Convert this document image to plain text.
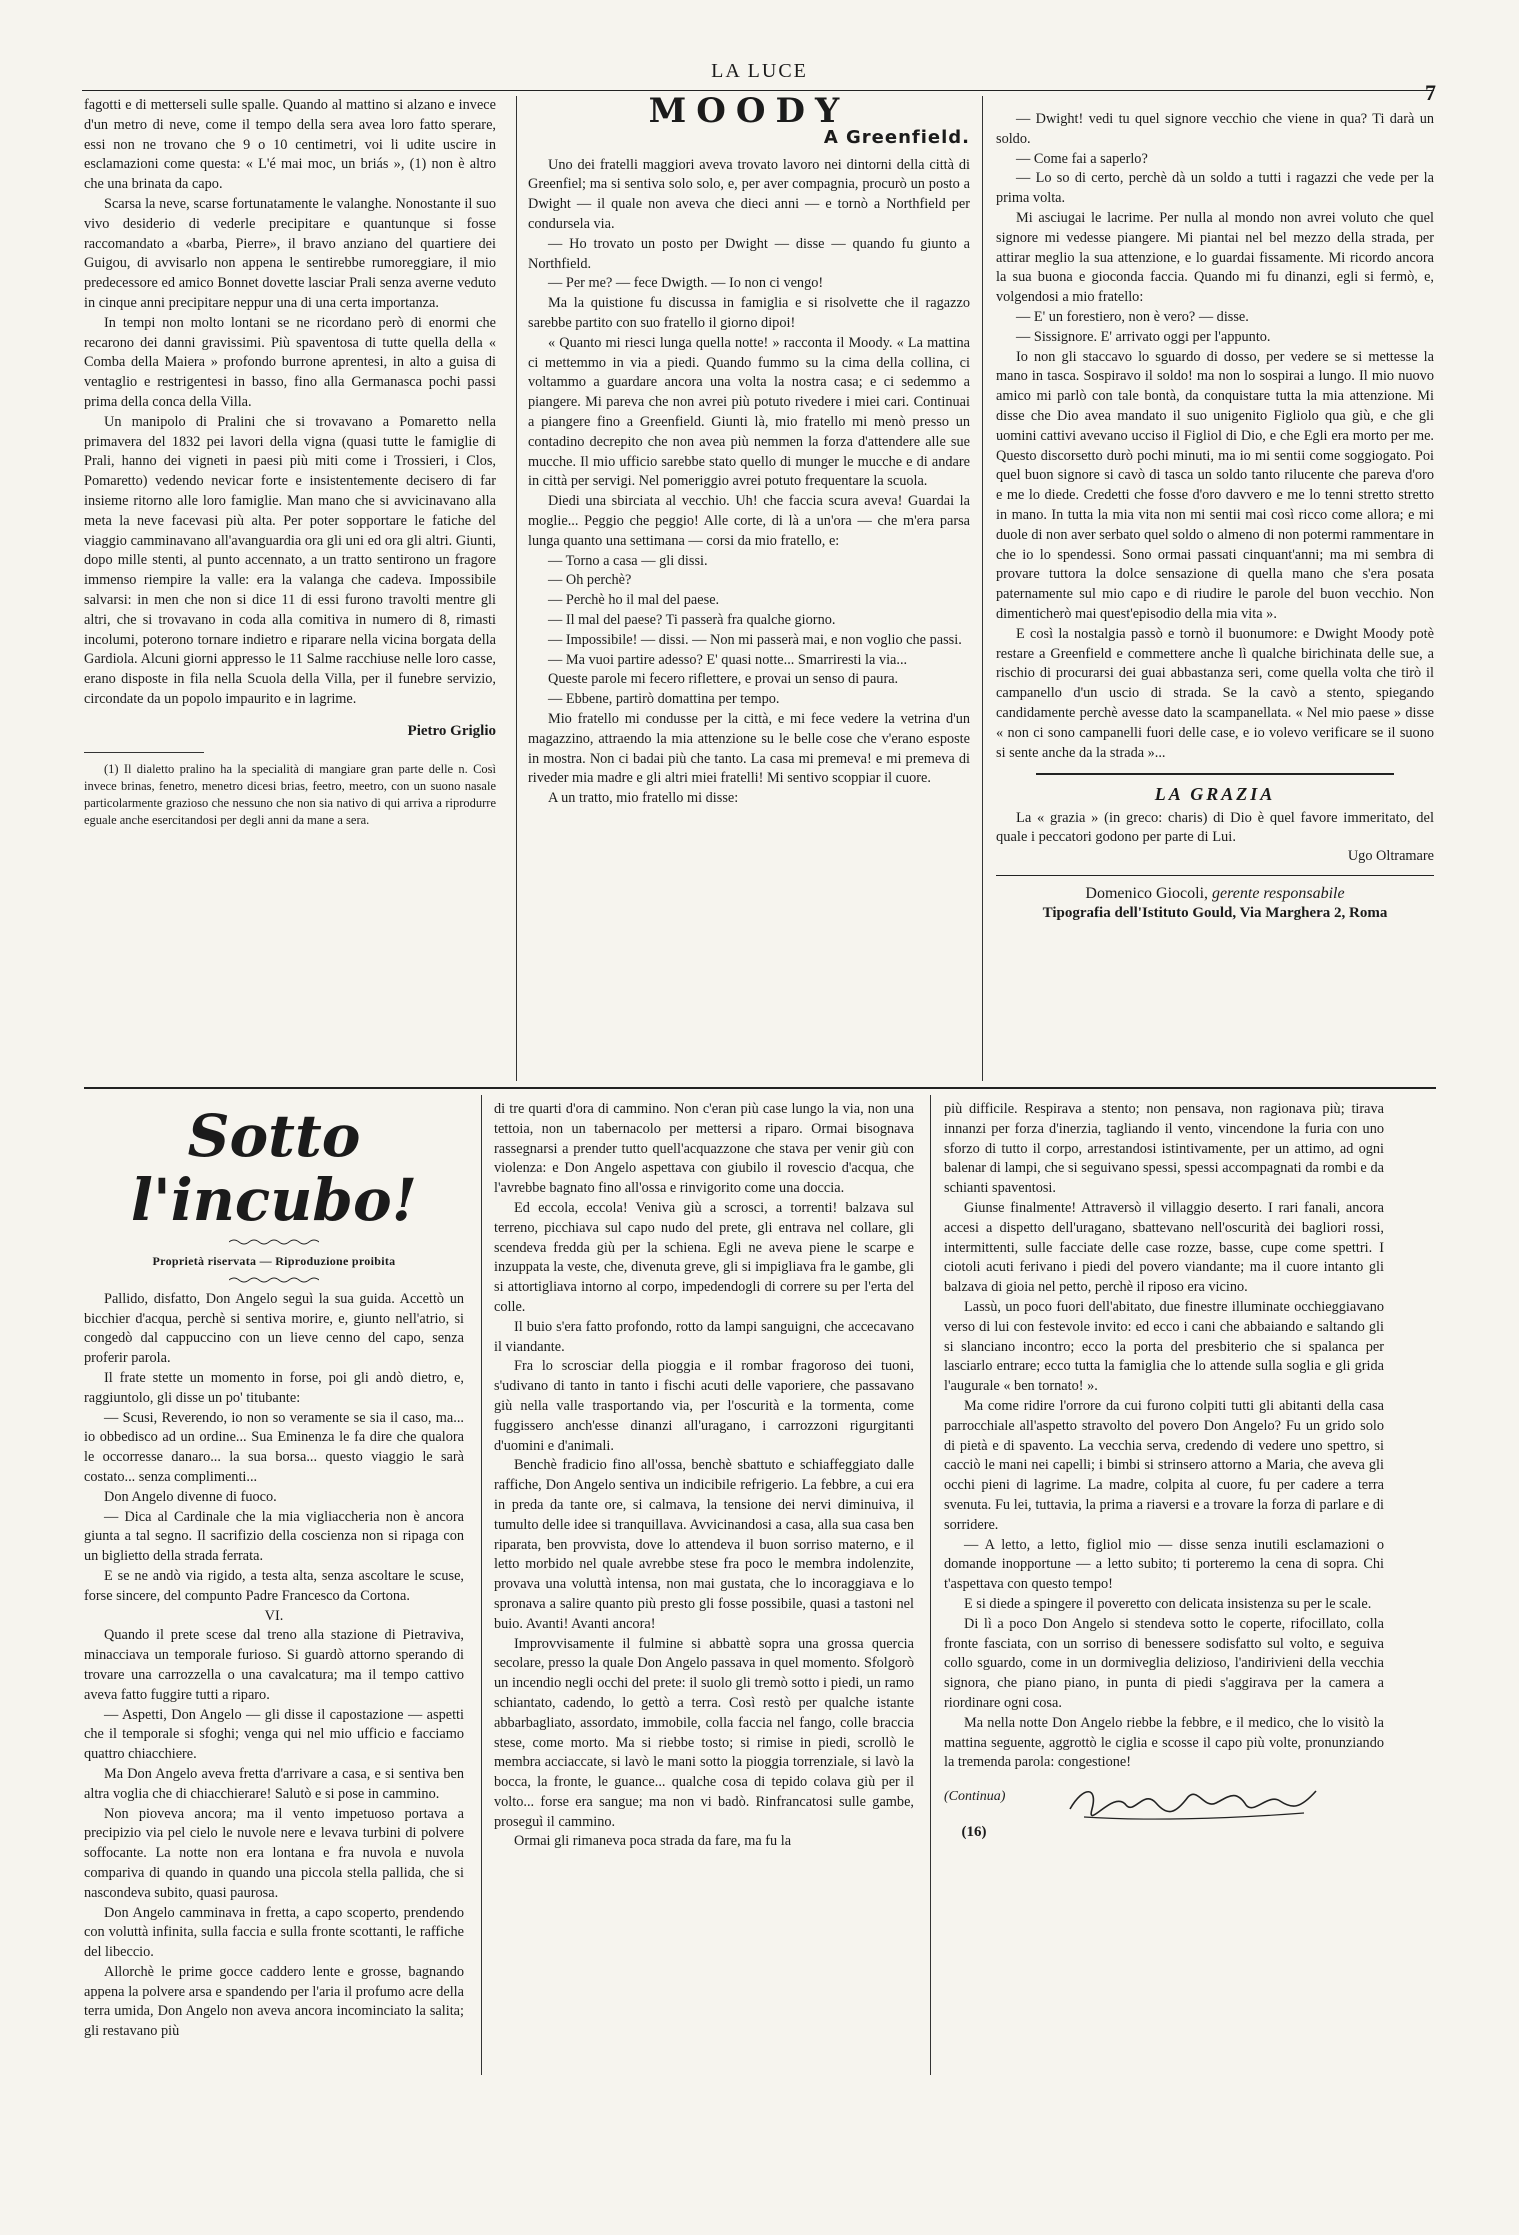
LA LUCE
7

fagotti e di metterseli sulle spalle. Quando al mattino si alzano e invece d'un metro di neve, come il tempo della sera avea loro fatto sperare, essi non ne trovano che 9 o 10 centimetri, voi li udite uscire in esclamazioni come questa: « L'é mai moc, un briás », (1) non è altro che una brinata da capo.

Scarsa la neve, scarse fortunatamente le valanghe. Nonostante il suo vivo desiderio di vederle precipitare e quantunque si fosse raccomandato a «barba, Pierre», il bravo anziano del quartiere dei Guigou, di avvisarlo non appena le sentirebbe rumoreggiare, il mio predecessore ed amico Bonnet dovette lasciar Prali senza averne veduto in cinque anni precipitare neppur una di una certa importanza.

In tempi non molto lontani se ne ricordano però di enormi che recarono dei danni gravissimi. Più spaventosa di tutte quella della « Comba della Maiera » profondo burrone aprentesi, in alto a guisa di ventaglio e restrigentesi in basso, fino alla Germanasca pochi passi prima della conca della Villa.

Un manipolo di Pralini che si trovavano a Pomaretto nella primavera del 1832 pei lavori della vigna (quasi tutte le famiglie di Prali, hanno dei vigneti in paesi più miti come i Trossieri, i Clos, Pomaretto) vedendo nevicar forte e insistentemente decisero di far insieme ritorno alle loro famiglie. Man mano che si avvicinavano alla meta la neve facevasi più alta. Per poter sopportare le fatiche del viaggio camminavano all'avanguardia ora gli uni ed ora gli altri. Giunti, dopo mille stenti, al punto accennato, a un tratto sentirono un fragore immenso riempire la valle: era la valanga che cadeva. Impossibile salvarsi: in men che non si dice 11 di essi furono travolti mentre gli altri, che si trovavano in coda alla comitiva in numero di 8, rimasti incolumi, poterono tornare indietro e riparare nella vicina borgata della Gardiola. Alcuni giorni appresso le 11 Salme racchiuse nelle loro casse, erano disposte in fila nella Scuola della Villa, per il funebre servizio, circondate da un popolo impaurito e in lagrime.

Pietro Griglio

(1) Il dialetto pralino ha la specialità di mangiare gran parte delle n. Così invece brinas, fenetro, menetro dicesi brias, feetro, meetro, con un suono nasale particolarmente grazioso che nessuno che non sia nativo di qui arriva a riprodurre eguale anche esercitandosi per degli anni da mane a sera.

MOODY
A Greenfield.

Uno dei fratelli maggiori aveva trovato lavoro nei dintorni della città di Greenfiel; ma si sentiva solo solo, e, per aver compagnia, procurò un posto a Dwight — il quale non aveva che dieci anni — e tornò a Northfield per condursela via.

— Ho trovato un posto per Dwight — disse — quando fu giunto a Northfield.

— Per me? — fece Dwigth. — Io non ci vengo!

Ma la quistione fu discussa in famiglia e si risolvette che il ragazzo sarebbe partito con suo fratello il giorno dipoi!

« Quanto mi riesci lunga quella notte! » racconta il Moody. « La mattina ci mettemmo in via a piedi. Quando fummo su la cima della collina, ci voltammo a guardare ancora una volta la nostra casa; e ci sedemmo a piangere. Mi pareva che non avrei più potuto rivedere i miei cari. Continuai a piangere fino a Greenfield. Giunti là, mio fratello mi menò presso un contadino decrepito che non avea più nemmen la forza d'attendere alle sue mucche. Il mio ufficio sarebbe stato quello di munger le mucche e di andare in città per servigi. Nel pomeriggio avrei potuto frequentare la scuola.

Diedi una sbirciata al vecchio. Uh! che faccia scura aveva! Guardai la moglie... Peggio che peggio! Alle corte, di là a un'ora — che m'era parsa lunga quanto una settimana — corsi da mio fratello, e:

— Torno a casa — gli dissi.

— Oh perchè?

— Perchè ho il mal del paese.

— Il mal del paese? Ti passerà fra qualche giorno.

— Impossibile! — dissi. — Non mi passerà mai, e non voglio che passi.

— Ma vuoi partire adesso? E' quasi notte... Smarriresti la via...

Queste parole mi fecero riflettere, e provai un senso di paura.

— Ebbene, partirò domattina per tempo.

Mio fratello mi condusse per la città, e mi fece vedere la vetrina d'un magazzino, attraendo la mia attenzione su le belle cose che v'erano esposte in mostra. Non ci badai più che tanto. La casa mi premeva! e mi premeva di riveder mia madre e gli altri miei fratelli! Mi sentivo scoppiar il cuore.

A un tratto, mio fratello mi disse:

— Dwight! vedi tu quel signore vecchio che viene in qua? Ti darà un soldo.

— Come fai a saperlo?

— Lo so di certo, perchè dà un soldo a tutti i ragazzi che vede per la prima volta.

Mi asciugai le lacrime. Per nulla al mondo non avrei voluto che quel signore mi vedesse piangere. Mi piantai nel bel mezzo della strada, per attirar meglio la sua attenzione, e lo guardai fissamente. Mi ricordo ancora la sua buona e gioconda faccia. Quando mi fu dinanzi, egli si fermò, e, volgendosi a mio fratello:

— E' un forestiero, non è vero? — disse.

— Sissignore. E' arrivato oggi per l'appunto.

Io non gli staccavo lo sguardo di dosso, per vedere se si mettesse la mano in tasca. Sospiravo il soldo! ma non lo sospirai a lungo. Il mio nuovo amico mi parlò con tale bontà, da conquistare tutta la mia attenzione. Mi disse che Dio avea mandato il suo unigenito Figliolo qua giù, e che gli uomini cattivi avevano ucciso il Figliol di Dio, e che Egli era morto per me. Questo discorsetto durò pochi minuti, ma io mi sentii come soggiogato. Poi quel buon signore si cavò di tasca un soldo tanto rilucente che pareva d'oro e me lo diede. Credetti che fosse d'oro davvero e me lo tenni stretto stretto in mano. In tutta la mia vita non mi sentii mai così ricco come allora; e mi duole di non aver serbato quel soldo o almeno di non potermi rammentare in che io lo spendessi. Sono ormai passati cinquant'anni; ma mi sembra di provare tuttora la dolce sensazione di quella mano che s'era posata paternamente sul mio capo e di riudire le parole del buon vecchio. Non dimenticherò mai quest'episodio della mia vita ».

E così la nostalgia passò e tornò il buonumore: e Dwight Moody potè restare a Greenfield e commettere anche lì qualche birichinata delle sue, a rischio di procurarsi dei guai abbastanza seri, come quella volta che tirò il campanello d'un uscio di strada. Se la cavò a stento, spiegando candidamente perchè avesse dato la scampanellata. « Nel mio paese » disse « non ci sono campanelli fuori delle case, e io volevo verificare se il suono si sente anche da la strada »...

LA GRAZIA

La « grazia » (in greco: charis) di Dio è quel favore immeritato, del quale i peccatori godono per parte di Lui.

Ugo Oltramare

Domenico Giocoli, gerente responsabile
Tipografia dell'Istituto Gould, Via Marghera 2, Roma
Sotto l'incubo!
Proprietà riservata — Riproduzione proibita

Pallido, disfatto, Don Angelo seguì la sua guida. Accettò un bicchier d'acqua, perchè si sentiva morire, e, giunto nell'atrio, si congedò dal cappuccino con un lieve cenno del capo, senza proferir parola.

Il frate stette un momento in forse, poi gli andò dietro, e, raggiuntolo, gli disse un po' titubante:

— Scusi, Reverendo, io non so veramente se sia il caso, ma... io obbedisco ad un ordine... Sua Eminenza le fa dire che qualora le occorresse danaro... la sua borsa... questo viaggio le sarà costato... senza complimenti...

Don Angelo divenne di fuoco.

— Dica al Cardinale che la mia vigliaccheria non è ancora giunta a tal segno. Il sacrifizio della coscienza non si ripaga con un biglietto della strada ferrata.

E se ne andò via rigido, a testa alta, senza ascoltare le scuse, forse sincere, del compunto Padre Francesco da Cortona.

VI.

Quando il prete scese dal treno alla stazione di Pietraviva, minacciava un temporale furioso. Si guardò attorno sperando di trovare una carrozzella o una cavalcatura; ma il tempo cattivo aveva fatto fuggire tutti a riparo.

— Aspetti, Don Angelo — gli disse il capostazione — aspetti che il temporale si sfoghi; venga qui nel mio ufficio e facciamo quattro chiacchiere.

Ma Don Angelo aveva fretta d'arrivare a casa, e si sentiva ben altra voglia che di chiacchierare! Salutò e si pose in cammino.

Non pioveva ancora; ma il vento impetuoso portava a precipizio via pel cielo le nuvole nere e levava turbini di polvere soffocante. La notte non era lontana e fra nuvola e nuvola compariva di quando in quando una piccola stella pallida, che si nascondeva subito, quasi paurosa.

Don Angelo camminava in fretta, a capo scoperto, prendendo con voluttà infinita, sulla faccia e sulla fronte scottanti, le raffiche del libeccio.

Allorchè le prime gocce caddero lente e grosse, bagnando appena la polvere arsa e spandendo per l'aria il profumo acre della terra umida, Don Angelo non aveva ancora incominciato la salita; gli restavano più

di tre quarti d'ora di cammino. Non c'eran più case lungo la via, non una tettoia, non un tabernacolo per mettersi a riparo. Ormai bisognava rassegnarsi a prender tutto quell'acquazzone che stava per venir giù con violenza: e Don Angelo aspettava con giubilo il rovescio d'acqua, che l'avrebbe bagnato fino all'ossa e rinvigorito come una doccia.

Ed eccola, eccola! Veniva giù a scrosci, a torrenti! balzava sul terreno, picchiava sul capo nudo del prete, gli entrava nel collare, gli scendeva fredda giù per la schiena. Egli ne aveva piene le scarpe e inzuppata la veste, che, divenuta greve, gli si impigliava fra le gambe, gli si attortigliava intorno al corpo, impedendogli di correre su per l'erta del colle.

Il buio s'era fatto profondo, rotto da lampi sanguigni, che accecavano il viandante.

Fra lo scrosciar della pioggia e il rombar fragoroso dei tuoni, s'udivano di tanto in tanto i fischi acuti delle vaporiere, che passavano giù nella valle trasportando via, per l'oscurità e la tormenta, come fuggissero anch'esse dinanzi all'uragano, i carrozzoni rigurgitanti d'uomini e d'animali.

Benchè fradicio fino all'ossa, benchè sbattuto e schiaffeggiato dalle raffiche, Don Angelo sentiva un indicibile refrigerio. La febbre, a cui era in preda da tante ore, si calmava, la tensione dei nervi diminuiva, il tumulto delle idee si tranquillava. Avvicinandosi a casa, alla sua casa ben riparata, ben provvista, dove lo attendeva il buon sorriso materno, e il letto morbido nel quale avrebbe stese fra poco le membra indolenzite, provava una voluttà intensa, non mai gustata, che lo incoraggiava e lo spronava a salire quanto più presto gli fosse possibile, quasi a tastoni nel buio. Avanti! Avanti ancora!

Improvvisamente il fulmine si abbattè sopra una grossa quercia secolare, presso la quale Don Angelo passava in quel momento. Sfolgorò un incendio negli occhi del prete: il suolo gli tremò sotto i piedi, un ramo schiantato, cadendo, lo gettò a terra. Così restò per qualche istante abbarbagliato, assordato, immobile, colla faccia nel fango, colle braccia stese, come morto. Ma si riebbe tosto; si rimise in piedi, scrollò le membra acciaccate, si lavò le mani sotto la pioggia torrenziale, si lavò la bocca, la fronte, le guance... qualche cosa di tepido colava giù per il volto... forse era sangue; ma non vi badò. Rinfrancatosi sulle gambe, proseguì il cammino.

Ormai gli rimaneva poca strada da fare, ma fu la

più difficile. Respirava a stento; non pensava, non ragionava più; tirava innanzi per forza d'inerzia, tagliando il vento, vincendone la furia con uno sforzo di tutto il corpo, arrestandosi istintivamente, per un attimo, ad ogni balenar di lampi, che si seguivano spessi, spessi accompagnati da rombi e da schianti spaventosi.

Giunse finalmente! Attraversò il villaggio deserto. I rari fanali, ancora accesi a dispetto dell'uragano, sbattevano nell'oscurità dei bagliori rossi, intermittenti, sulle facciate delle case rozze, basse, cupe come spettri. I ciotoli acuti ferivano i piedi del povero viandante; ma il cuore intanto gli balzava di gioia nel petto, perchè il riposo era vicino.

Lassù, un poco fuori dell'abitato, due finestre illuminate occhieggiavano verso di lui con festevole invito: ed ecco i cani che abbaiando e saltando gli si slanciano incontro; ecco la porta del presbiterio che si spalanca per lasciarlo entrare; ecco tutta la famiglia che lo attende sulla soglia e gli grida l'augurale « ben tornato! ».

Ma come ridire l'orrore da cui furono colpiti tutti gli abitanti della casa parrocchiale all'aspetto stravolto del povero Don Angelo? Fu un grido solo di pietà e di spavento. La vecchia serva, credendo di vedere uno spettro, si cacciò le mani nei capelli; i bimbi si strinsero attorno a Maria, che aveva gli occhi pieni di lagrime. La madre, colpita al cuore, fu per cadere a terra svenuta. Fu lei, tuttavia, la prima a riaversi e a trovare la forza di parlare e di sorridere.

— A letto, a letto, figliol mio — disse senza inutili esclamazioni o domande inopportune — a letto subito; ti porteremo la cena di sopra. Chi t'aspettava con questo tempo!

E si diede a spingere il poveretto con delicata insistenza su per le scale.

Di lì a poco Don Angelo si stendeva sotto le coperte, rifocillato, colla fronte fasciata, con un sorriso di benessere sodisfatto sul volto, e seguiva collo sguardo, come in un dormiveglia delizioso, l'andirivieni della vecchia signora, che piano piano, in punta di piedi s'aggirava per la camera a riordinare ogni cosa.

Ma nella notte Don Angelo riebbe la febbre, e il medico, che lo visitò la mattina seguente, aggrottò le ciglia e scosse il capo più volte, pronunziando la tremenda parola: congestione!

(Continua)
(16)
